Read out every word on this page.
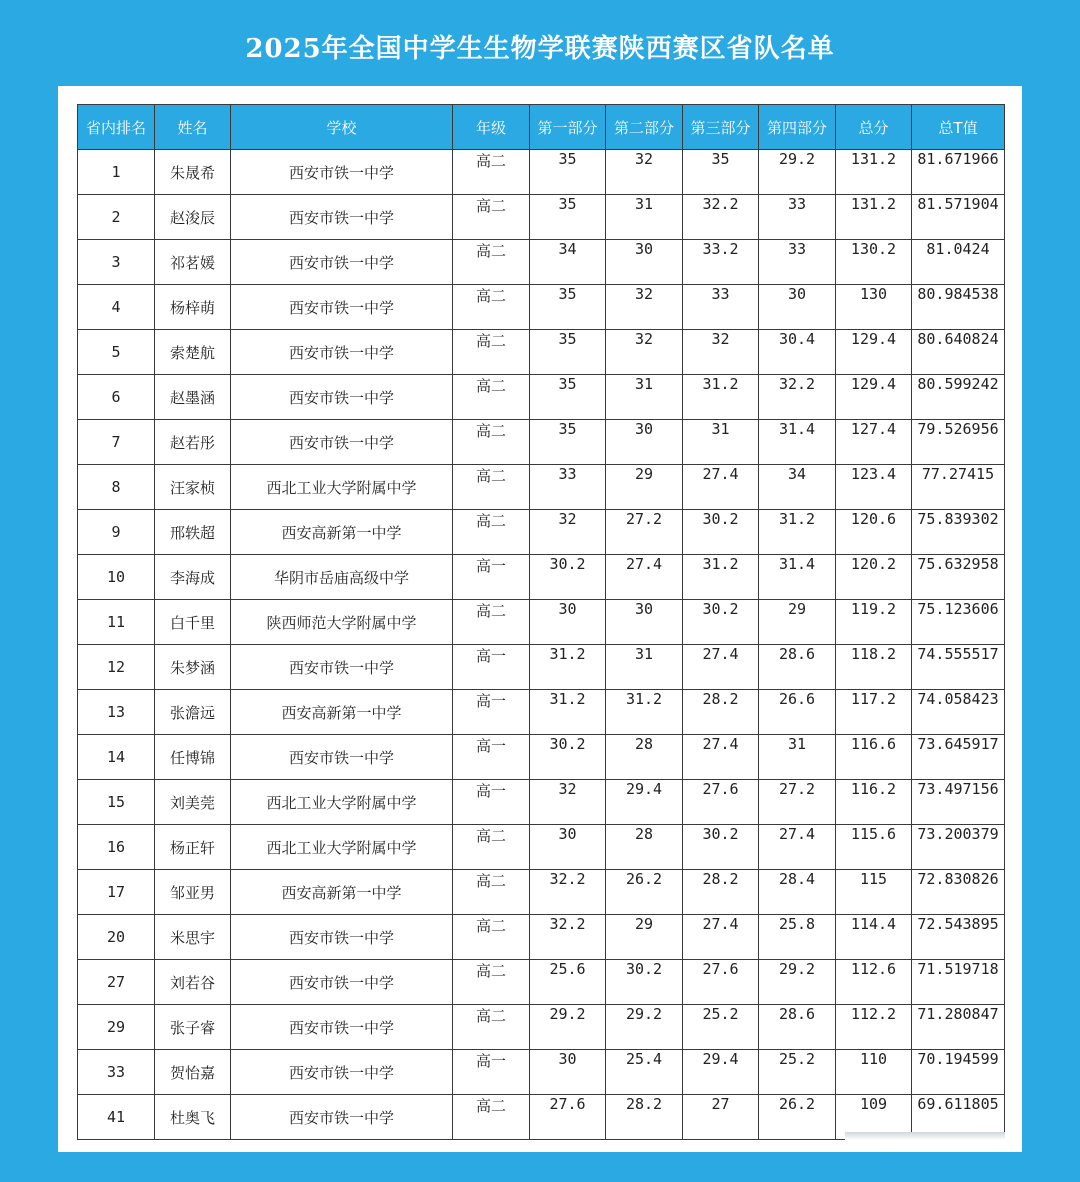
2025年全国中学生生物学联赛陕西赛区省队名单
省内排名	姓名	学校	年级	第一部分	第二部分	第三部分	第四部分	总分	总T值
1	朱晟希	西安市铁一中学	高二	35	32	35	29.2	131.2	81.671966
2	赵浚辰	西安市铁一中学	高二	35	31	32.2	33	131.2	81.571904
3	祁茗媛	西安市铁一中学	高二	34	30	33.2	33	130.2	81.0424
4	杨梓萌	西安市铁一中学	高二	35	32	33	30	130	80.984538
5	索楚航	西安市铁一中学	高二	35	32	32	30.4	129.4	80.640824
6	赵墨涵	西安市铁一中学	高二	35	31	31.2	32.2	129.4	80.599242
7	赵若彤	西安市铁一中学	高二	35	30	31	31.4	127.4	79.526956
8	汪家桢	西北工业大学附属中学	高二	33	29	27.4	34	123.4	77.27415
9	邢轶超	西安高新第一中学	高二	32	27.2	30.2	31.2	120.6	75.839302
10	李海成	华阴市岳庙高级中学	高一	30.2	27.4	31.2	31.4	120.2	75.632958
11	白千里	陕西师范大学附属中学	高二	30	30	30.2	29	119.2	75.123606
12	朱梦涵	西安市铁一中学	高一	31.2	31	27.4	28.6	118.2	74.555517
13	张澹远	西安高新第一中学	高一	31.2	31.2	28.2	26.6	117.2	74.058423
14	任博锦	西安市铁一中学	高一	30.2	28	27.4	31	116.6	73.645917
15	刘美莞	西北工业大学附属中学	高一	32	29.4	27.6	27.2	116.2	73.497156
16	杨正轩	西北工业大学附属中学	高二	30	28	30.2	27.4	115.6	73.200379
17	邹亚男	西安高新第一中学	高二	32.2	26.2	28.2	28.4	115	72.830826
20	米思宇	西安市铁一中学	高二	32.2	29	27.4	25.8	114.4	72.543895
27	刘若谷	西安市铁一中学	高二	25.6	30.2	27.6	29.2	112.6	71.519718
29	张子睿	西安市铁一中学	高二	29.2	29.2	25.2	28.6	112.2	71.280847
33	贺怡嘉	西安市铁一中学	高一	30	25.4	29.4	25.2	110	70.194599
41	杜奥飞	西安市铁一中学	高二	27.6	28.2	27	26.2	109	69.611805
